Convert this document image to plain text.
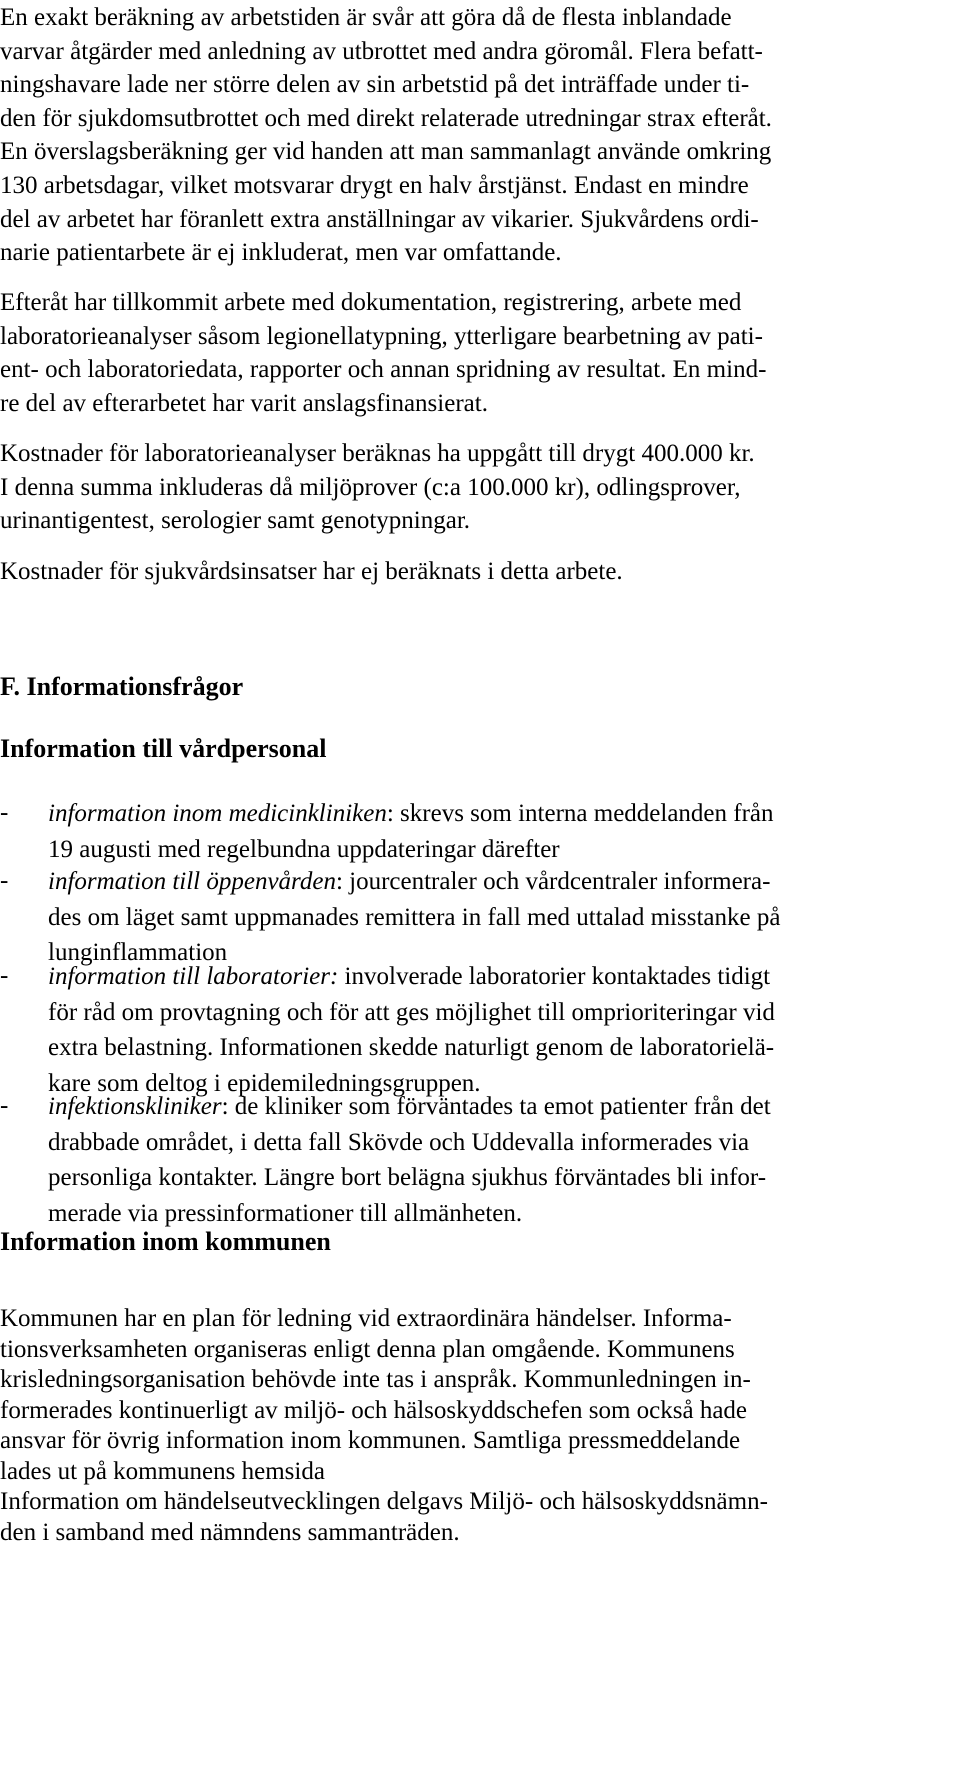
En exakt beräkning av arbetstiden är svår att göra då de flesta inblandade
varvar åtgärder med anledning av utbrottet med andra göromål. Flera befatt-
ningshavare lade ner större delen av sin arbetstid på det inträffade under ti-
den för sjukdomsutbrottet och med direkt relaterade utredningar strax efteråt.
En överslagsberäkning ger vid handen att man sammanlagt använde omkring
130 arbetsdagar, vilket motsvarar drygt en halv årstjänst. Endast en mindre
del av arbetet har föranlett extra anställningar av vikarier. Sjukvårdens ordi-
narie patientarbete är ej inkluderat, men var omfattande.
Efteråt har tillkommit arbete med dokumentation, registrering, arbete med
laboratorieanalyser såsom legionellatypning, ytterligare bearbetning av pati-
ent- och laboratoriedata, rapporter och annan spridning av resultat. En mind-
re del av efterarbetet har varit anslagsfinansierat.
Kostnader för laboratorieanalyser beräknas ha uppgått till drygt 400.000 kr.
I denna summa inkluderas då miljöprover (c:a 100.000 kr), odlingsprover,
urinantigentest, serologier samt genotypningar.
Kostnader för sjukvårdsinsatser har ej beräknats i detta arbete.
F. Informationsfrågor
Information till vårdpersonal
- information inom medicinkliniken: skrevs som interna meddelanden från
19 augusti med regelbundna uppdateringar därefter
- information till öppenvården: jourcentraler och vårdcentraler informera-
des om läget samt uppmanades remittera in fall med uttalad misstanke på
lunginflammation
- information till laboratorier: involverade laboratorier kontaktades tidigt
för råd om provtagning och för att ges möjlighet till omprioriteringar vid
extra belastning. Informationen skedde naturligt genom de laboratorielä-
kare som deltog i epidemiledningsgruppen.
- infektionskliniker: de kliniker som förväntades ta emot patienter från det
drabbade området, i detta fall Skövde och Uddevalla informerades via
personliga kontakter. Längre bort belägna sjukhus förväntades bli infor-
merade via pressinformationer till allmänheten.
Information inom kommunen
Kommunen har en plan för ledning vid extraordinära händelser. Informa-
tionsverksamheten organiseras enligt denna plan omgående. Kommunens
krisledningsorganisation behövde inte tas i anspråk. Kommunledningen in-
formerades kontinuerligt av miljö- och hälsoskyddschefen som också hade
ansvar för övrig information inom kommunen. Samtliga pressmeddelande
lades ut på kommunens hemsida
Information om händelseutvecklingen delgavs Miljö- och hälsoskyddsnämn-
den i samband med nämndens sammanträden.
